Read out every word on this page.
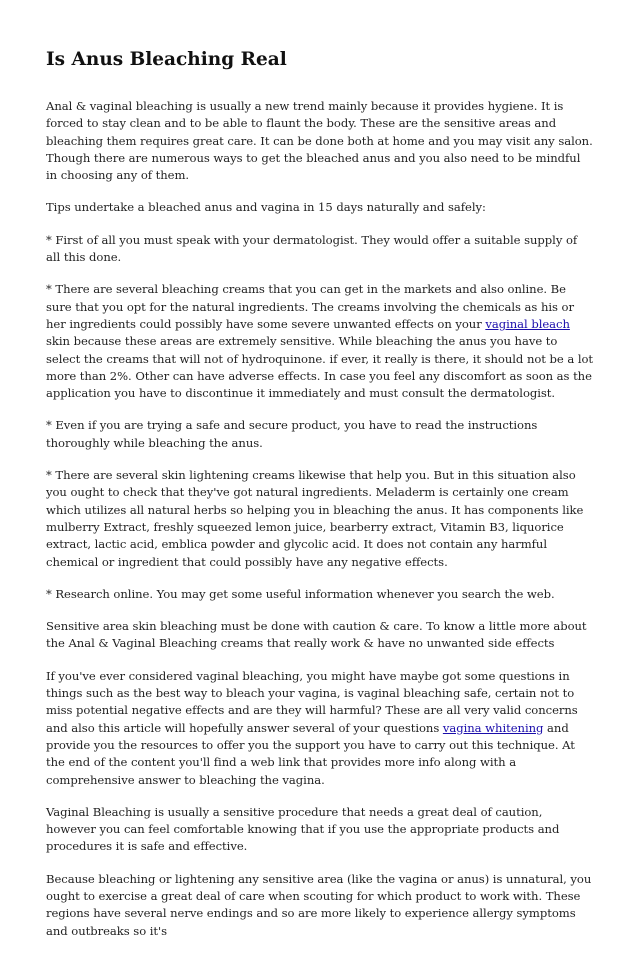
Is Anus Bleaching Real

Anal & vaginal bleaching is usually a new trend mainly because it provides hygiene. It is forced to stay clean and to be able to flaunt the body. These are the sensitive areas and bleaching them requires great care. It can be done both at home and you may visit any salon. Though there are numerous ways to get the bleached anus and you also need to be mindful in choosing any of them.

Tips undertake a bleached anus and vagina in 15 days naturally and safely:

* First of all you must speak with your dermatologist. They would offer a suitable supply of all this done.

* There are several bleaching creams that you can get in the markets and also online. Be sure that you opt for the natural ingredients. The creams involving the chemicals as his or her ingredients could possibly have some severe unwanted effects on your vaginal bleach skin because these areas are extremely sensitive. While bleaching the anus you have to select the creams that will not of hydroquinone. if ever, it really is there, it should not be a lot more than 2%. Other can have adverse effects. In case you feel any discomfort as soon as the application you have to discontinue it immediately and must consult the dermatologist.

* Even if you are trying a safe and secure product, you have to read the instructions thoroughly while bleaching the anus.

* There are several skin lightening creams likewise that help you. But in this situation also you ought to check that they've got natural ingredients. Meladerm is certainly one cream which utilizes all natural herbs so helping you in bleaching the anus. It has components like mulberry Extract, freshly squeezed lemon juice, bearberry extract, Vitamin B3, liquorice extract, lactic acid, emblica powder and glycolic acid. It does not contain any harmful chemical or ingredient that could possibly have any negative effects.

* Research online. You may get some useful information whenever you search the web.

Sensitive area skin bleaching must be done with caution & care. To know a little more about the Anal & Vaginal Bleaching creams that really work & have no unwanted side effects

If you've ever considered vaginal bleaching, you might have maybe got some questions in things such as the best way to bleach your vagina, is vaginal bleaching safe, certain not to miss potential negative effects and are they will harmful? These are all very valid concerns and also this article will hopefully answer several of your questions vagina whitening and provide you the resources to offer you the support you have to carry out this technique. At the end of the content you'll find a web link that provides more info along with a comprehensive answer to bleaching the vagina.

Vaginal Bleaching is usually a sensitive procedure that needs a great deal of caution, however you can feel comfortable knowing that if you use the appropriate products and procedures it is safe and effective.

Because bleaching or lightening any sensitive area (like the vagina or anus) is unnatural, you ought to exercise a great deal of care when scouting for which product to work with. These regions have several nerve endings and so are more likely to experience allergy symptoms and outbreaks so it's
